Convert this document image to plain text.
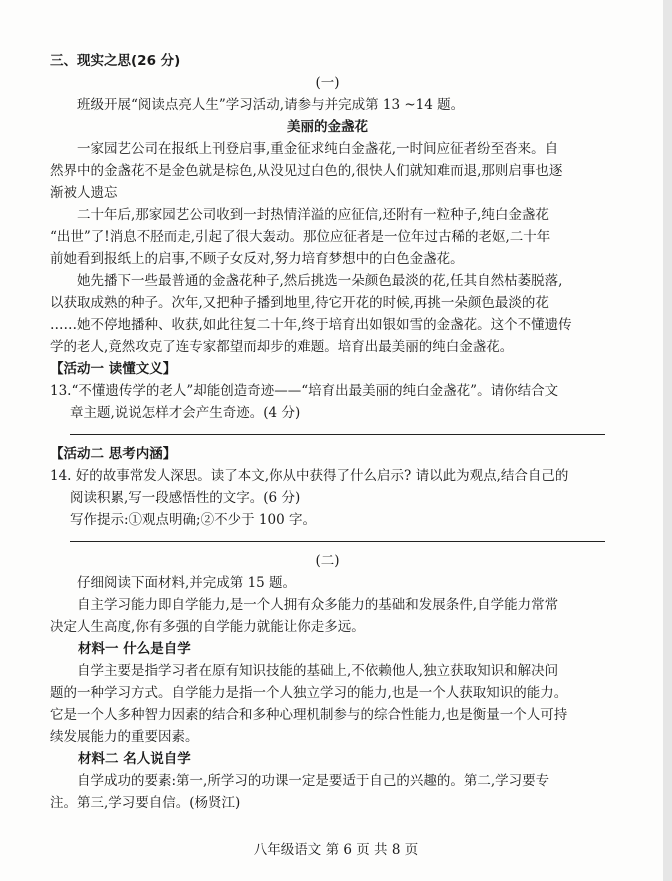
三、现实之思(26 分)
(一)
班级开展“阅读点亮人生”学习活动,请参与并完成第 13 ~14 题。
美丽的金盏花
一家园艺公司在报纸上刊登启事,重金征求纯白金盏花,一时间应征者纷至沓来。自
然界中的金盏花不是金色就是棕色,从没见过白色的,很快人们就知难而退,那则启事也逐
渐被人遗忘
二十年后,那家园艺公司收到一封热情洋溢的应征信,还附有一粒种子,纯白金盏花
“出世”了!消息不胫而走,引起了很大轰动。那位应征者是一位年过古稀的老妪,二十年
前她看到报纸上的启事,不顾子女反对,努力培育梦想中的白色金盏花。
她先播下一些最普通的金盏花种子,然后挑选一朵颜色最淡的花,任其自然枯萎脱落,
以获取成熟的种子。次年,又把种子播到地里,待它开花的时候,再挑一朵颜色最淡的花
……她不停地播种、收获,如此往复二十年,终于培育出如银如雪的金盏花。这个不懂遗传
学的老人,竟然攻克了连专家都望而却步的难题。培育出最美丽的纯白金盏花。
【活动一 读懂文义】
13.“不懂遗传学的老人”却能创造奇迹——“培育出最美丽的纯白金盏花”。请你结合文
章主题,说说怎样才会产生奇迹。(4 分)
【活动二 思考内涵】
14. 好的故事常发人深思。读了本文,你从中获得了什么启示? 请以此为观点,结合自己的
阅读积累,写一段感悟性的文字。(6 分)
写作提示:①观点明确;②不少于 100 字。
(二)
仔细阅读下面材料,并完成第 15 题。
自主学习能力即自学能力,是一个人拥有众多能力的基础和发展条件,自学能力常常
决定人生高度,你有多强的自学能力就能让你走多远。
材料一 什么是自学
自学主要是指学习者在原有知识技能的基础上,不依赖他人,独立获取知识和解决问
题的一种学习方式。自学能力是指一个人独立学习的能力,也是一个人获取知识的能力。
它是一个人多种智力因素的结合和多种心理机制参与的综合性能力,也是衡量一个人可持
续发展能力的重要因素。
材料二 名人说自学
自学成功的要素:第一,所学习的功课一定是要适于自己的兴趣的。第二,学习要专
注。第三,学习要自信。(杨贤江)
八年级语文 第 6 页 共 8 页
